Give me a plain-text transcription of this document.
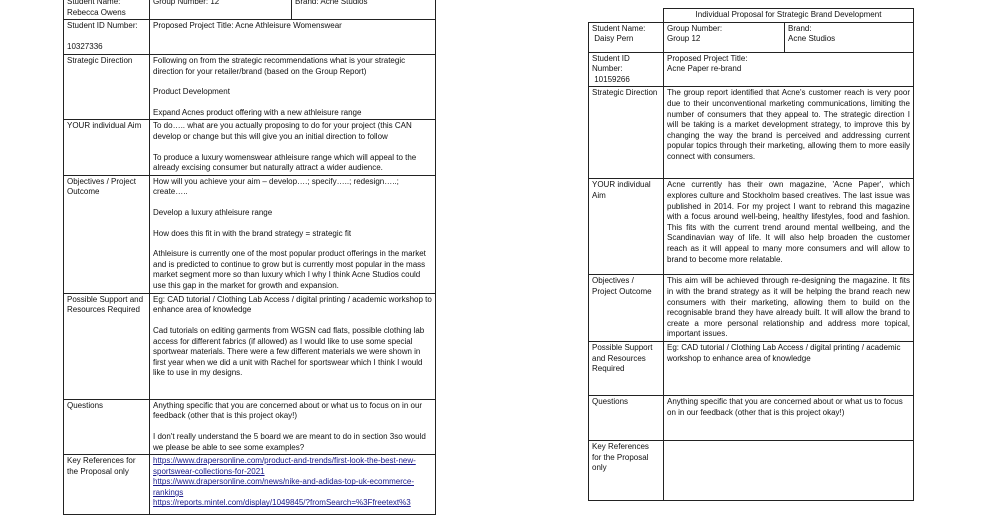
Student Name:
Rebecca Owens	Group Number: 12	Brand: Acne Studios

Student ID Number:

10327336	Proposed Project Title: Acne Athleisure Womenswear	
Strategic Direction	Following on from the strategic recommendations what is your strategic direction for your retailer/brand (based on the Group Report)

Product Development

Expand Acnes product offering with a new athleisure range	

YOUR individual Aim	To do….. what are you actually proposing to do for your project (this CAN develop or change but this will give you an initial direction to follow

To produce a luxury womenswear athleisure range which will appeal to the already excising consumer but naturally attract a wider audience.	

Objectives / Project Outcome	How will you achieve your aim – develop….; specify…..; redesign…..; create…..

Develop a luxury athleisure range

How does this fit in with the brand strategy = strategic fit

Athleisure is currently one of the most popular product offerings in the market and is predicted to continue to grow but is currently most popular in the mass market segment more so than luxury which I why I think Acne Studios could use this gap in the market for growth and expansion.	

Possible Support and Resources Required	Eg: CAD tutorial / Clothing Lab Access / digital printing / academic workshop to enhance area of knowledge

Cad tutorials on editing garments from WGSN cad flats, possible clothing lab access for different fabrics (if allowed) as I would like to use some special sportwear materials. There were a few different materials we were shown in first year when we did a unit with Rachel for sportswear which I think I would like to use in my designs.	

Questions	Anything specific that you are concerned about or what us to focus on in our feedback (other that is this project okay!)

I don't really understand the 5 board we are meant to do in section 3so would we please be able to see some examples?	

Key References for the Proposal only	https://www.drapersonline.com/product-and-trends/first-look-the-best-new-sportswear-collections-for-2021
https://www.drapersonline.com/news/nike-and-adidas-top-uk-ecommerce-rankings
https://reports.mintel.com/display/1049845/?fromSearch=%3Ffreetext%3	
	Individual Proposal for Strategic Brand Development	
Student Name:
Daisy Pern	Group Number:
Group 12	Brand:
Acne Studios
Student ID Number:
10159266	Proposed Project Title:
Acne Paper re-brand	
Strategic Direction	The group report identified that Acne's customer reach is very poor due to their unconventional marketing communications, limiting the number of consumers that they appeal to. The strategic direction I will be taking is a market development strategy, to improve this by changing the way the brand is perceived and addressing current popular topics through their marketing, allowing them to more easily connect with consumers.	
YOUR individual Aim	Acne currently has their own magazine, 'Acne Paper', which explores culture and Stockholm based creatives. The last issue was published in 2014. For my project I want to rebrand this magazine with a focus around well-being, healthy lifestyles, food and fashion. This fits with the current trend around mental wellbeing, and the Scandinavian way of life. It will also help broaden the customer reach as it will appeal to many more consumers and will allow to brand to become more relatable.	
Objectives / Project Outcome	This aim will be achieved through re-designing the magazine. It fits in with the brand strategy as it will be helping the brand reach new consumers with their marketing, allowing them to build on the recognisable brand they have already built. It will allow the brand to create a more personal relationship and address more topical, important issues.	
Possible Support and Resources Required	Eg: CAD tutorial / Clothing Lab Access / digital printing / academic workshop to enhance area of knowledge	
Questions	Anything specific that you are concerned about or what us to focus on in our feedback (other that is this project okay!)	
Key References for the Proposal only		
